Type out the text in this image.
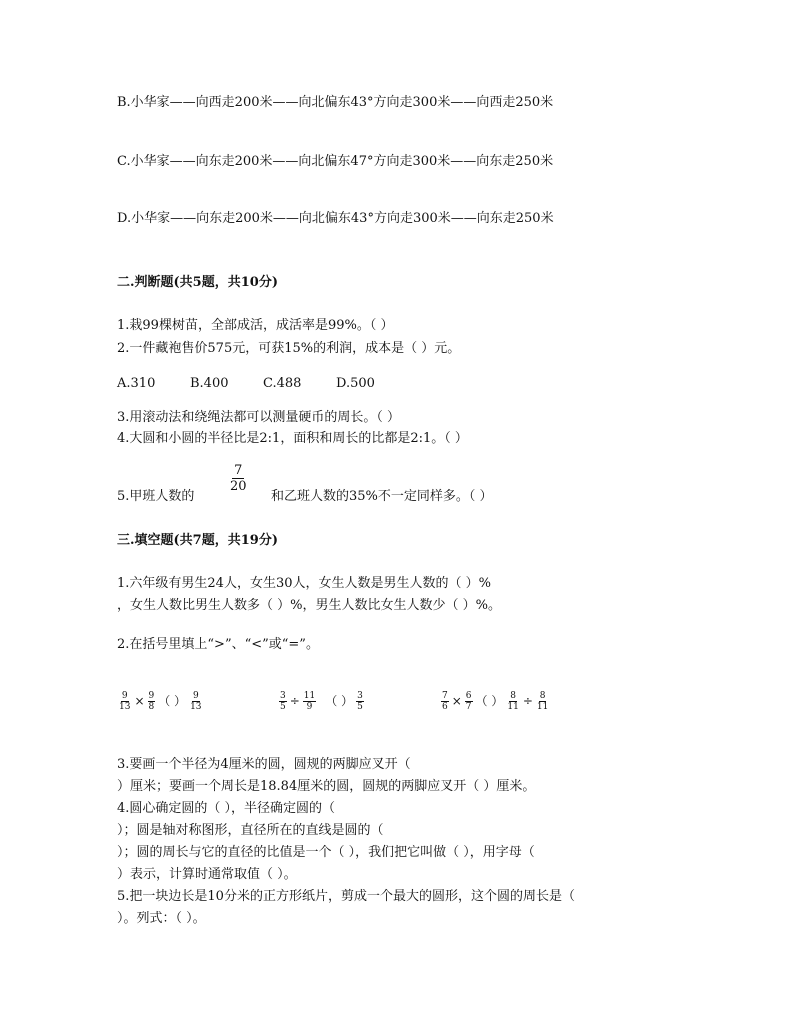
B.小华家——向西走200米——向北偏东43°方向走300米——向西走250米
C.小华家——向东走200米——向北偏东47°方向走300米——向东走250米
D.小华家——向东走200米——向北偏东43°方向走300米——向东走250米
二.判断题(共5题，共10分)
1.栽99棵树苗，全部成活，成活率是99%。（ ）
2.一件藏袍售价575元，可获15%的利润，成本是（ ）元。
A.310	B.400	C.488	D.500
3.用滚动法和绕绳法都可以测量硬币的周长。（ ）
4.大圆和小圆的半径比是2:1，面积和周长的比都是2:1。（ ）
5.甲班人数的
$\frac{7}{20}$
和乙班人数的35%不一定同样多。（ ）
三.填空题(共7题，共19分)
1.六年级有男生24人，女生30人，女生人数是男生人数的（ ）%
，女生人数比男生人数多（ ）%，男生人数比女生人数少（ ）%。
2.在括号里填上“>”、“<”或“=”。
$\frac{9}{13} \times \frac{9}{8}$ （ ） $\frac{9}{13}$	$\frac{3}{5} \div \frac{11}{9}$ （ ） $\frac{3}{5}$	$\frac{7}{6} \times \frac{6}{7}$ （ ） $\frac{8}{11} \div \frac{8}{11}$
3.要画一个半径为4厘米的圆，圆规的两脚应叉开（
）厘米；要画一个周长是18.84厘米的圆，圆规的两脚应叉开（ ）厘米。
4.圆心确定圆的（ ），半径确定圆的（
）；圆是轴对称图形，直径所在的直线是圆的（
）；圆的周长与它的直径的比值是一个（ ），我们把它叫做（ ），用字母（
）表示，计算时通常取值（ ）。
5.把一块边长是10分米的正方形纸片，剪成一个最大的圆形，这个圆的周长是（
）。列式：（ ）。
